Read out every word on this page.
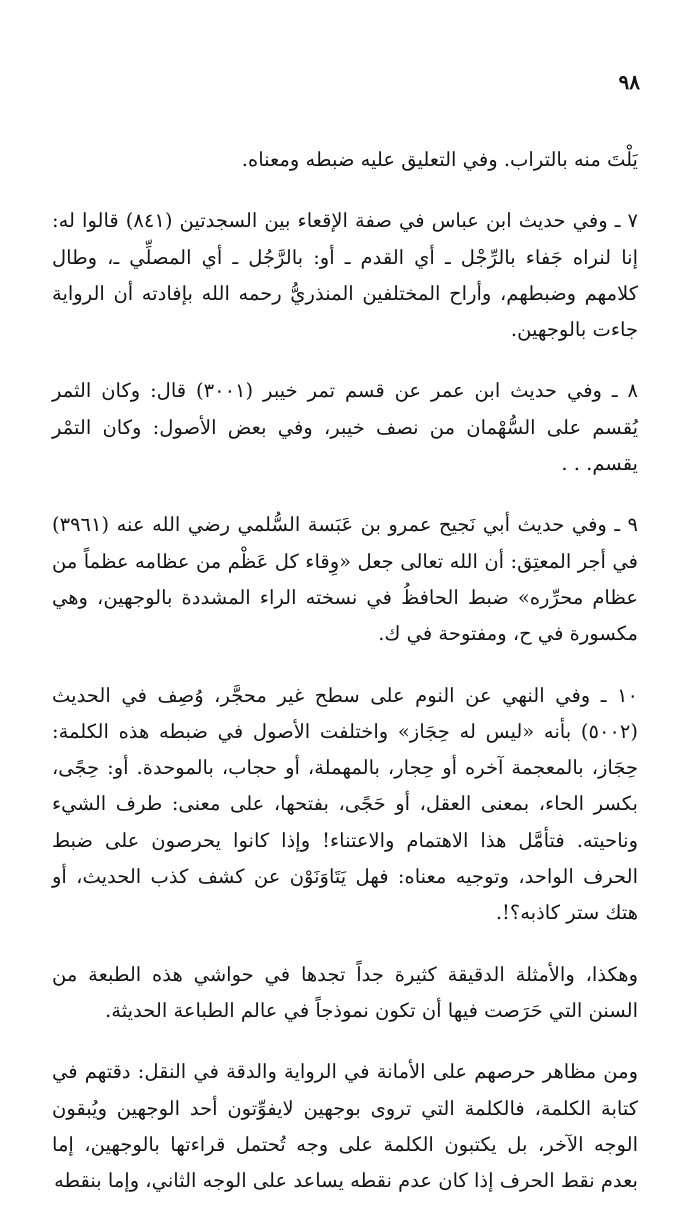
٩٨

يَلْتَ منه بالتراب. وفي التعليق عليه ضبطه ومعناه.

٧ ـ وفي حديث ابن عباس في صفة الإقعاء بين السجدتين (٨٤١) قالوا له: إنا لنراه جَفاء بالرِّجْل ـ أي القدم ـ أو: بالرَّجُل ـ أي المصلِّي ـ، وطال كلامهم وضبطهم، وأراح المختلفين المنذريُّ رحمه الله بإفادته أن الرواية جاءت بالوجهين.

٨ ـ وفي حديث ابن عمر عن قسم تمر خيبر (٣٠٠١) قال: وكان الثمر يُقسم على السُّهْمان من نصف خيبر، وفي بعض الأصول: وكان التمْر يقسم. . .

٩ ـ وفي حديث أبي نَجيح عمرو بن عَبَسة السُّلمي رضي الله عنه (٣٩٦١) في أجر المعتِق: أن الله تعالى جعل «وِقاء كل عَظْم من عظامه عظماً من عظام محرِّره» ضبط الحافظُ في نسخته الراء المشددة بالوجهين، وهي مكسورة في ح، ومفتوحة في ك.

١٠ ـ وفي النهي عن النوم على سطح غير محجَّر، وُصِف في الحديث (٥٠٠٢) بأنه «ليس له حِجَاز» واختلفت الأصول في ضبطه هذه الكلمة: حِجَاز، بالمعجمة آخره أو حِجار، بالمهملة، أو حجاب، بالموحدة. أو: حِجًى، بكسر الحاء، بمعنى العقل، أو حَجًى، بفتحها، على معنى: طرف الشيء وناحيته. فتأمَّل هذا الاهتمام والاعتناء! وإذا كانوا يحرصون على ضبط الحرف الواحد، وتوجيه معناه: فهل يَتَاوَنَوْن عن كشف كذب الحديث، أو هتك ستر كاذبه؟!.

وهكذا، والأمثلة الدقيقة كثيرة جداً تجدها في حواشي هذه الطبعة من السنن التي حَرَصت فيها أن تكون نموذجاً في عالم الطباعة الحديثة.

ومن مظاهر حرصهم على الأمانة في الرواية والدقة في النقل: دقتهم في كتابة الكلمة، فالكلمة التي تروى بوجهين لايفوِّتون أحد الوجهين ويُبقون الوجه الآخر، بل يكتبون الكلمة على وجه تُحتمل قراءتها بالوجهين، إما بعدم نقط الحرف إذا كان عدم نقطه يساعد على الوجه الثاني، وإما بنقطه
